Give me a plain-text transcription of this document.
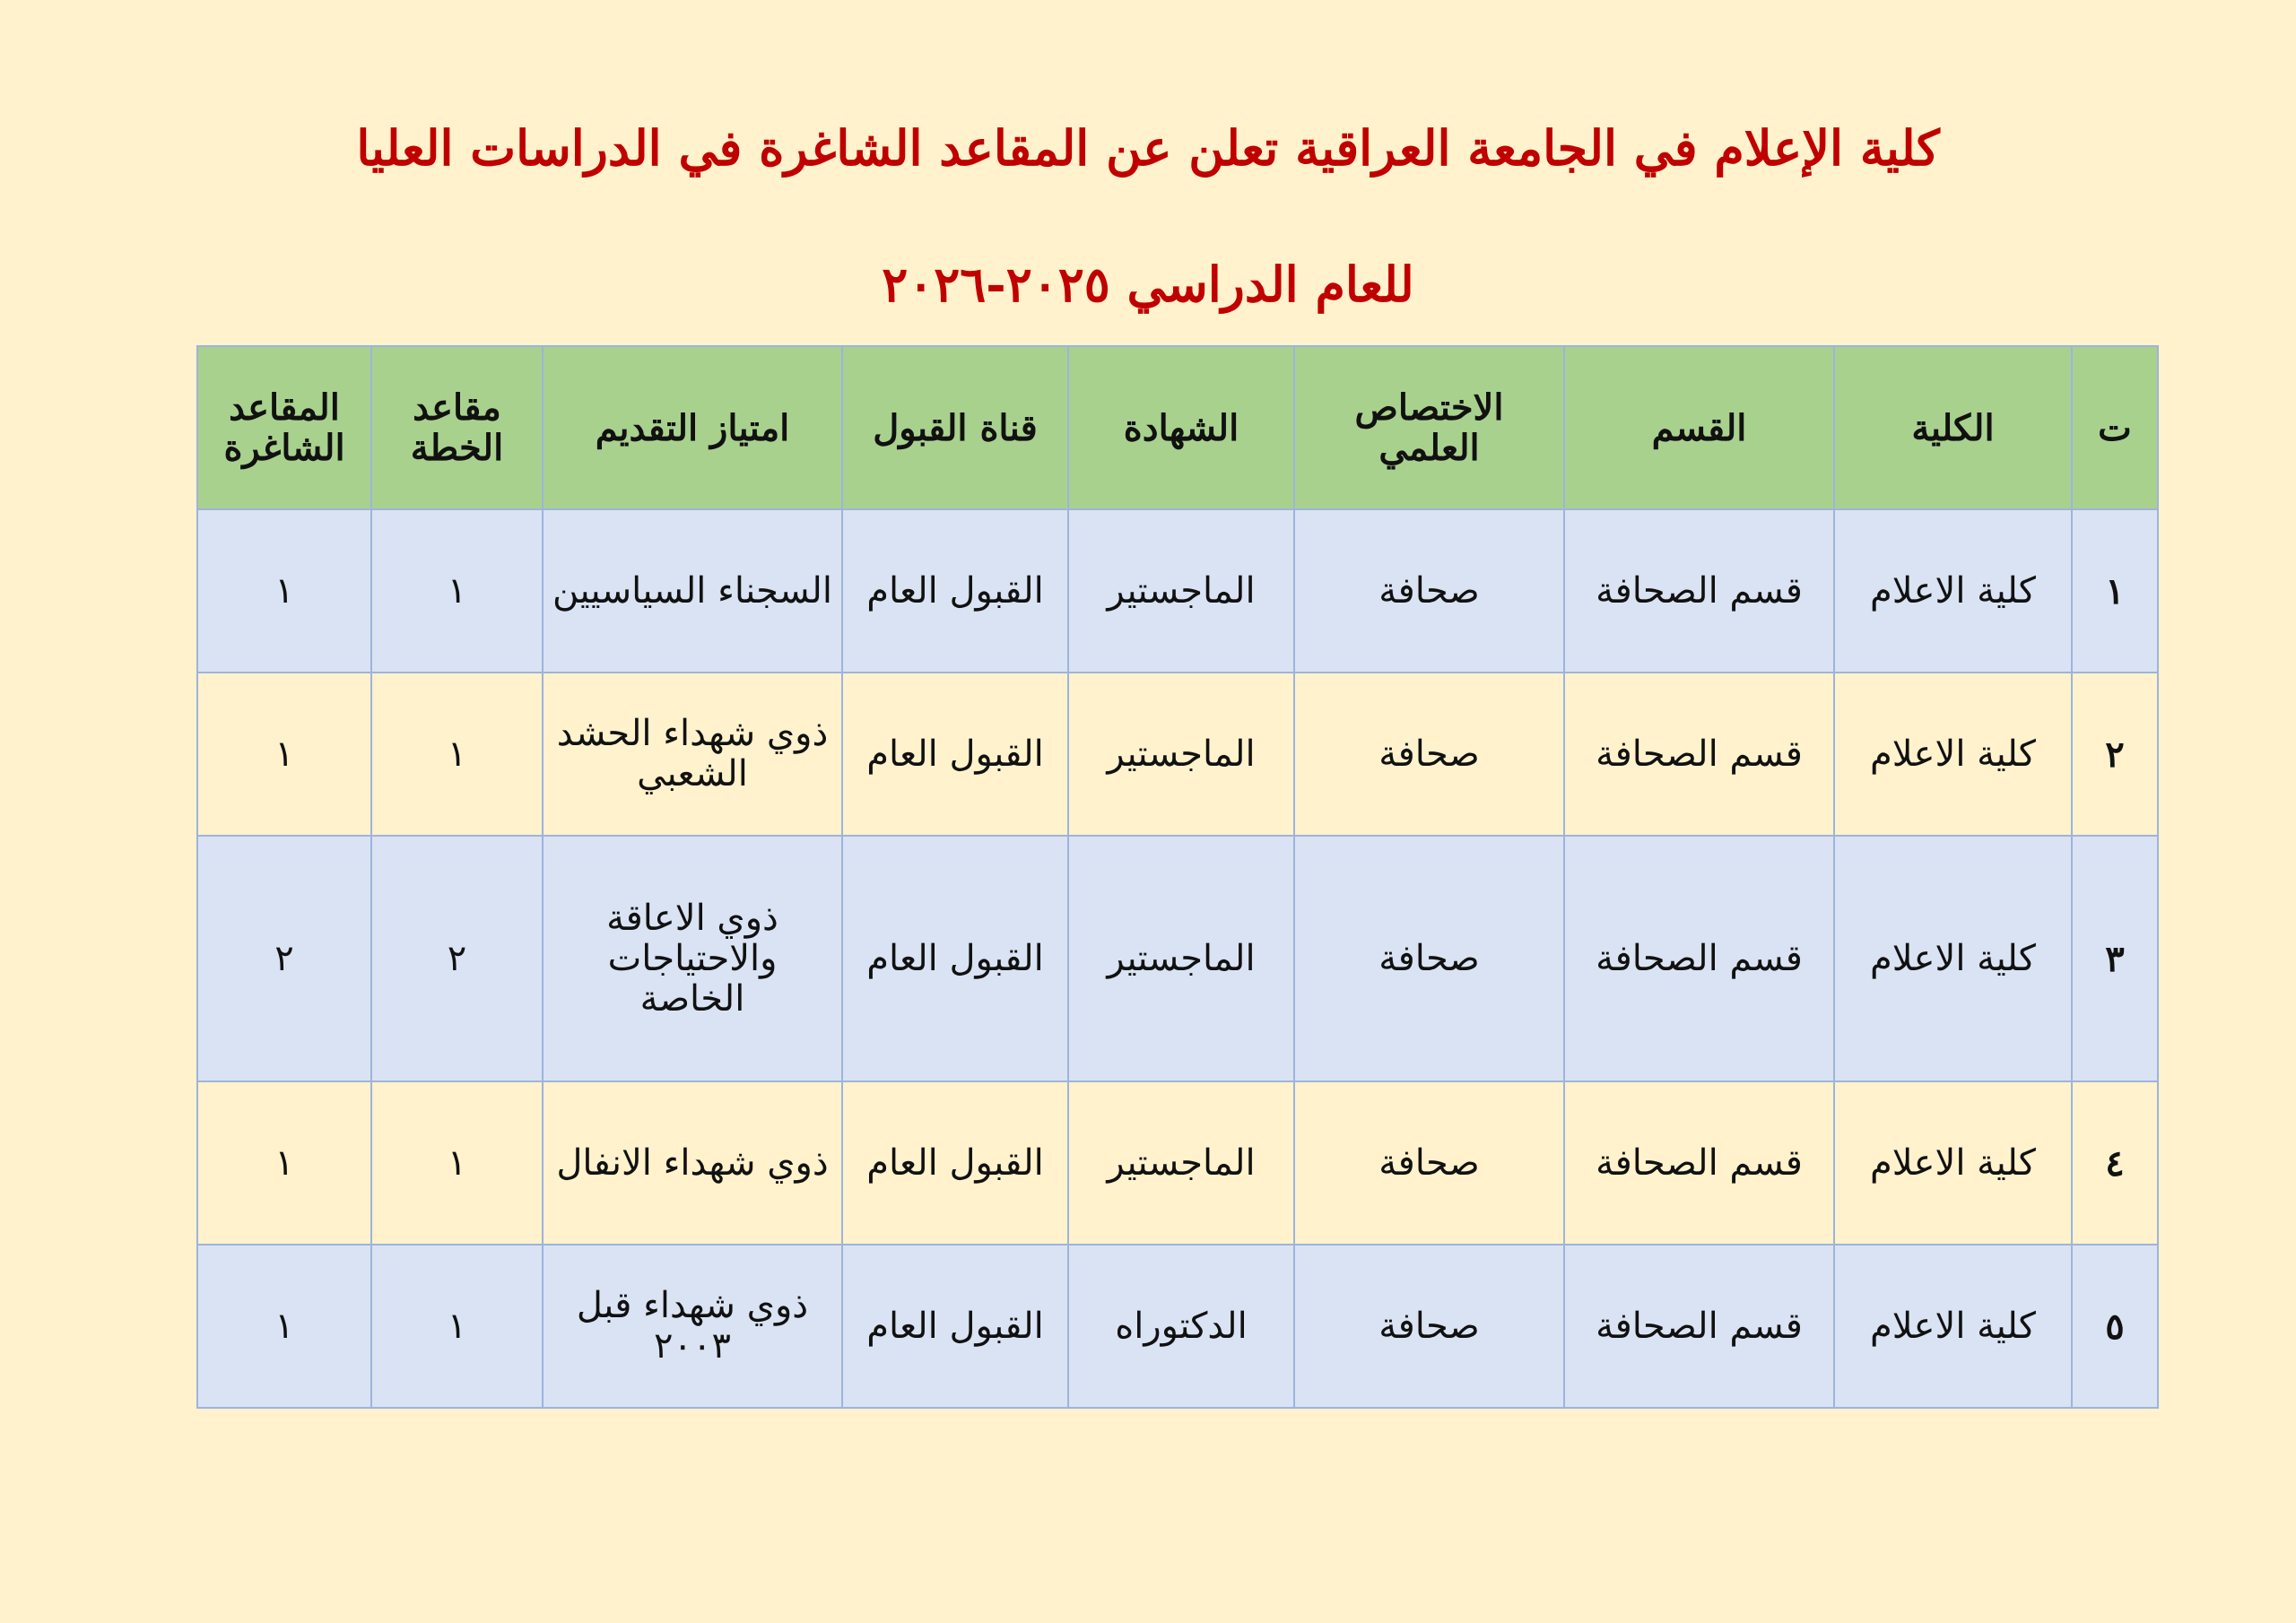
كلية الإعلام في الجامعة العراقية تعلن عن المقاعد الشاغرة في الدراسات العليا
للعام الدراسي ٢٠٢٥-٢٠٢٦
ت	الكلية	القسم	الاختصاص العلمي	الشهادة	قناة القبول	امتياز التقديم	مقاعد الخطة	المقاعد الشاغرة
١	كلية الاعلام	قسم الصحافة	صحافة	الماجستير	القبول العام	السجناء السياسيين	١	١
٢	كلية الاعلام	قسم الصحافة	صحافة	الماجستير	القبول العام	ذوي شهداء الحشد الشعبي	١	١
٣	كلية الاعلام	قسم الصحافة	صحافة	الماجستير	القبول العام	ذوي الاعاقة والاحتياجات الخاصة	٢	٢
٤	كلية الاعلام	قسم الصحافة	صحافة	الماجستير	القبول العام	ذوي شهداء الانفال	١	١
٥	كلية الاعلام	قسم الصحافة	صحافة	الدكتوراه	القبول العام	ذوي شهداء قبل ٢٠٠٣	١	١
